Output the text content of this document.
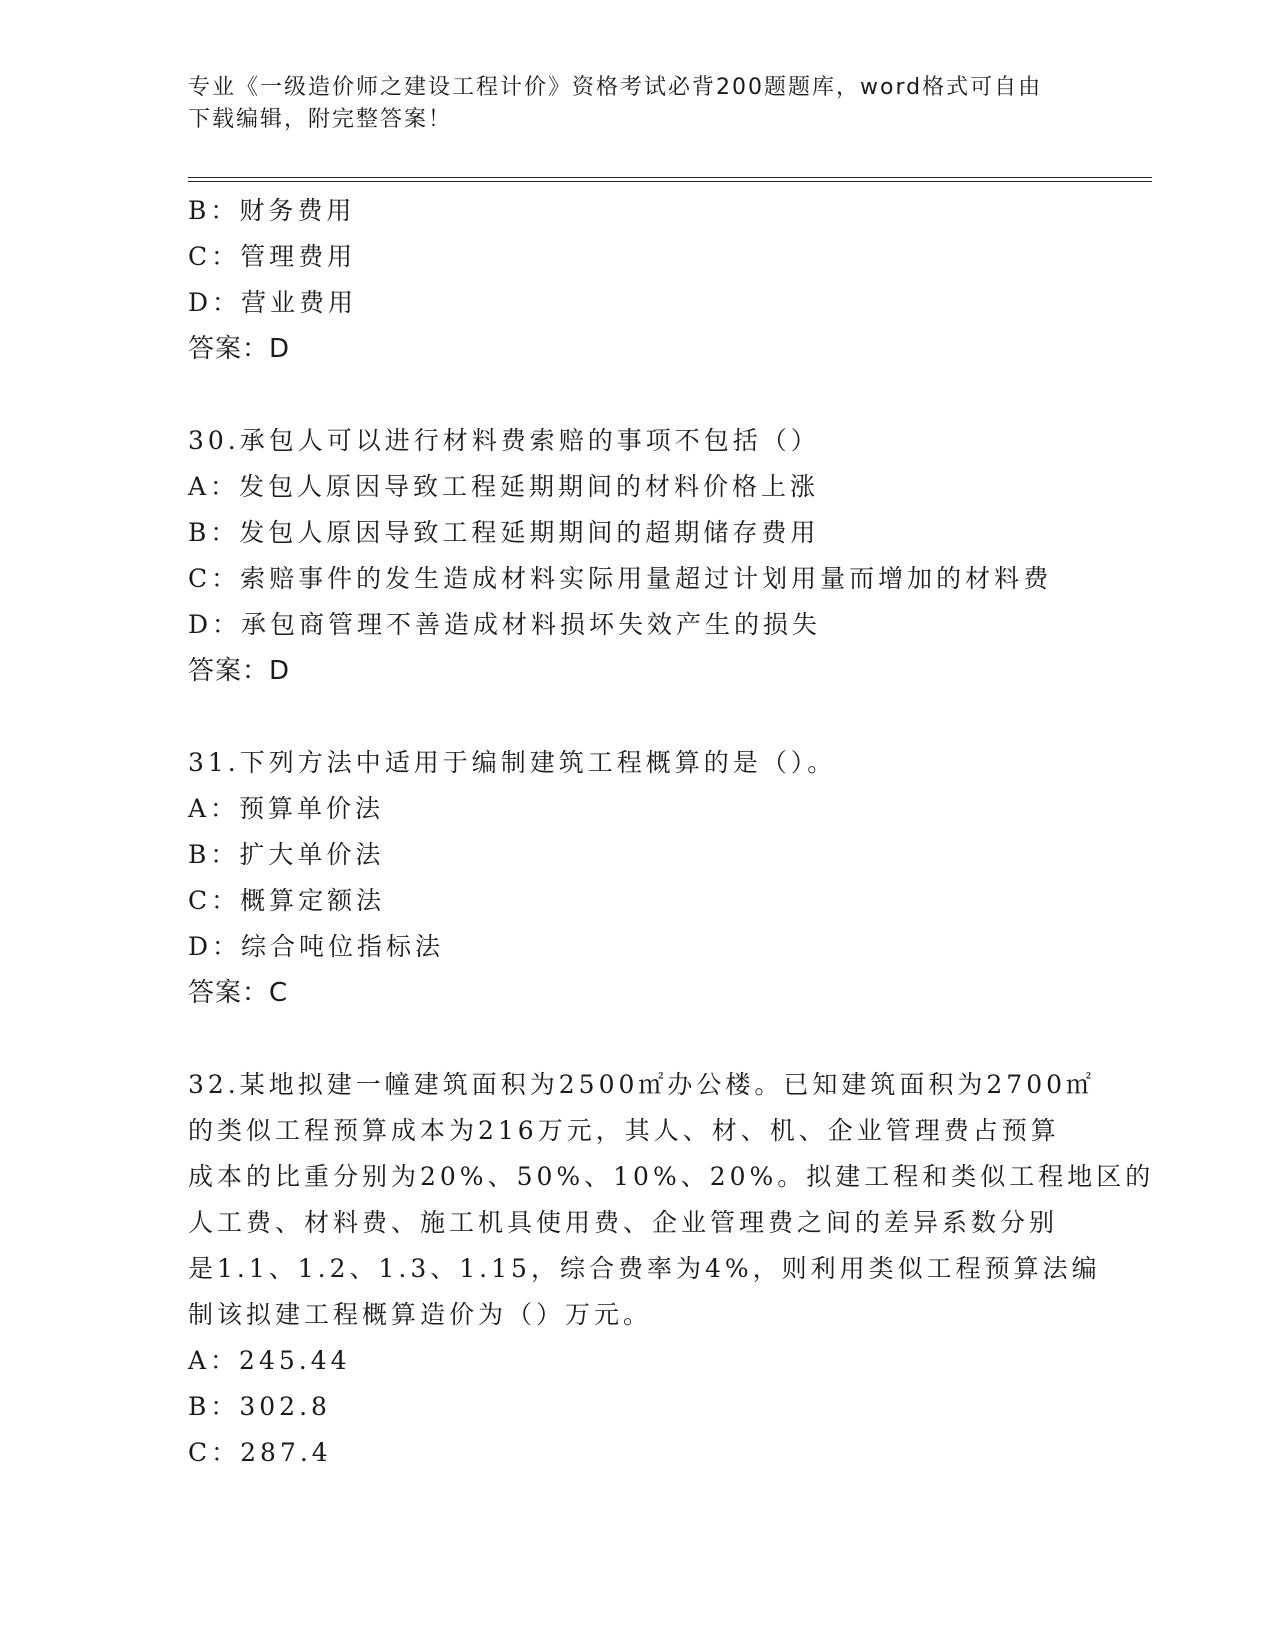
专业《一级造价师之建设工程计价》资格考试必背200题题库，word格式可自由
下载编辑，附完整答案！
B：财务费用
C：管理费用
D：营业费用
答案：D
30.承包人可以进行材料费索赔的事项不包括（）
A：发包人原因导致工程延期期间的材料价格上涨
B：发包人原因导致工程延期期间的超期储存费用
C：索赔事件的发生造成材料实际用量超过计划用量而增加的材料费
D：承包商管理不善造成材料损坏失效产生的损失
答案：D
31.下列方法中适用于编制建筑工程概算的是（）。
A：预算单价法
B：扩大单价法
C：概算定额法
D：综合吨位指标法
答案：C
32.某地拟建一幢建筑面积为2500㎡办公楼。已知建筑面积为2700㎡
的类似工程预算成本为216万元，其人、材、机、企业管理费占预算
成本的比重分别为20%、50%、10%、20%。拟建工程和类似工程地区的
人工费、材料费、施工机具使用费、企业管理费之间的差异系数分别
是1.1、1.2、1.3、1.15，综合费率为4%，则利用类似工程预算法编
制该拟建工程概算造价为（）万元。
A：245.44
B：302.8
C：287.4
